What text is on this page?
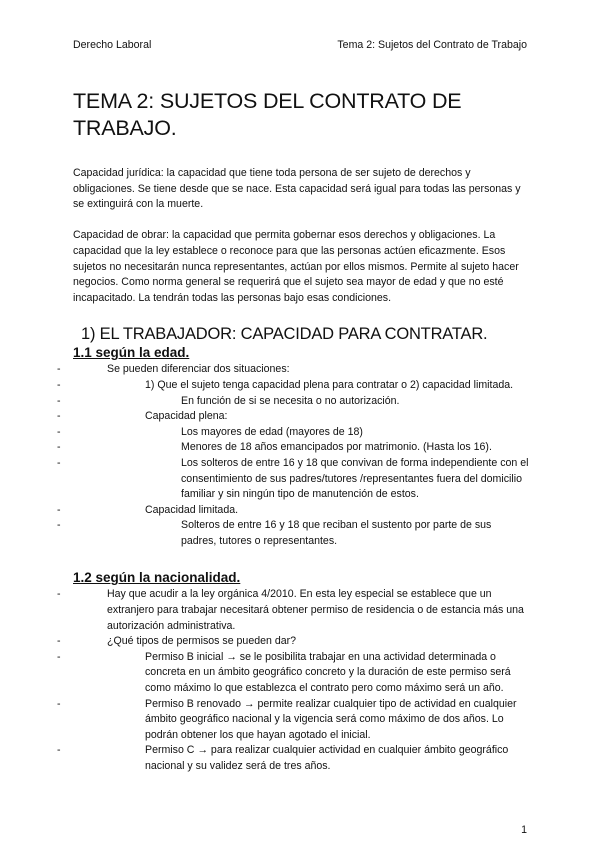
Derecho Laboral	Tema 2: Sujetos del Contrato de Trabajo
TEMA 2: SUJETOS DEL CONTRATO DE TRABAJO.

Capacidad jurídica: la capacidad que tiene toda persona de ser sujeto de derechos y obligaciones. Se tiene desde que se nace. Esta capacidad será igual para todas las personas y se extinguirá con la muerte.

Capacidad de obrar: la capacidad que permita gobernar esos derechos y obligaciones. La capacidad que la ley establece o reconoce para que las personas actúen eficazmente. Esos sujetos no necesitarán nunca representantes, actúan por ellos mismos. Permite al sujeto hacer negocios. Como norma general se requerirá que el sujeto sea mayor de edad y que no esté incapacitado. La tendrán todas las personas bajo esas condiciones.

1) EL TRABAJADOR: CAPACIDAD PARA CONTRATAR.
1.1 según la edad.
- Se pueden diferenciar dos situaciones:
- 1) Que el sujeto tenga capacidad plena para contratar o 2) capacidad limitada.
- En función de si se necesita o no autorización.
- Capacidad plena:
- Los mayores de edad (mayores de 18)
- Menores de 18 años emancipados por matrimonio. (Hasta los 16).
- Los solteros de entre 16 y 18 que convivan de forma independiente con el consentimiento de sus padres/tutores /representantes fuera del domicilio familiar y sin ningún tipo de manutención de estos.
- Capacidad limitada.
- Solteros de entre 16 y 18 que reciban el sustento por parte de sus padres, tutores o representantes.
1.2 según la nacionalidad.
- Hay que acudir a la ley orgánica 4/2010. En esta ley especial se establece que un extranjero para trabajar necesitará obtener permiso de residencia o de estancia más una autorización administrativa.
- ¿Qué tipos de permisos se pueden dar?
- Permiso B inicial → se le posibilita trabajar en una actividad determinada o concreta en un ámbito geográfico concreto y la duración de este permiso será como máximo lo que establezca el contrato pero como máximo será un año.
- Permiso B renovado → permite realizar cualquier tipo de actividad en cualquier ámbito geográfico nacional y la vigencia será como máximo de dos años. Lo podrán obtener los que hayan agotado el inicial.
- Permiso C → para realizar cualquier actividad en cualquier ámbito geográfico nacional y su validez será de tres años.
1
